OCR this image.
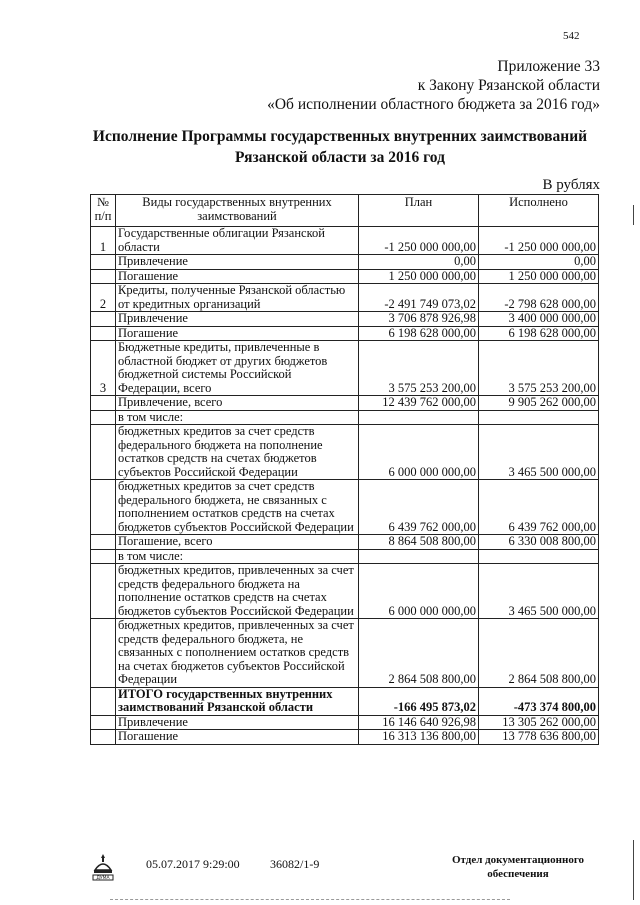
542
Приложение 33
к Закону Рязанской области
«Об исполнении областного бюджета за 2016 год»
Исполнение Программы государственных внутренних заимствований
Рязанской области за 2016 год
В рублях
№ п/п	Виды государственных внутренних заимствований	План	Исполнено
1	Государственные облигации Рязанской области	-1 250 000 000,00	-1 250 000 000,00
	Привлечение	0,00	0,00
	Погашение	1 250 000 000,00	1 250 000 000,00
2	Кредиты, полученные Рязанской областью от кредитных организаций	-2 491 749 073,02	-2 798 628 000,00
	Привлечение	3 706 878 926,98	3 400 000 000,00
	Погашение	6 198 628 000,00	6 198 628 000,00
3	Бюджетные кредиты, привлеченные в областной бюджет от других бюджетов бюджетной системы Российской Федерации, всего	3 575 253 200,00	3 575 253 200,00
	Привлечение, всего	12 439 762 000,00	9 905 262 000,00
	в том числе:		
	бюджетных кредитов за счет средств федерального бюджета на пополнение остатков средств на счетах бюджетов субъектов Российской Федерации	6 000 000 000,00	3 465 500 000,00
	бюджетных кредитов за счет средств федерального бюджета, не связанных с пополнением остатков средств на счетах бюджетов субъектов Российской Федерации	6 439 762 000,00	6 439 762 000,00
	Погашение, всего	8 864 508 800,00	6 330 008 800,00
	в том числе:		
	бюджетных кредитов, привлеченных за счет средств федерального бюджета на пополнение остатков средств на счетах бюджетов субъектов Российской Федерации	6 000 000 000,00	3 465 500 000,00
	бюджетных кредитов, привлеченных за счет средств федерального бюджета, не связанных с пополнением остатков средств на счетах бюджетов субъектов Российской Федерации	2 864 508 800,00	2 864 508 800,00
	ИТОГО государственных внутренних заимствований Рязанской области	-166 495 873,02	-473 374 800,00
	Привлечение	16 146 640 926,98	13 305 262 000,00
	Погашение	16 313 136 800,00	13 778 636 800,00
ДУМА
05.07.2017 9:29:00	36082/1-9	Отдел документационного
обеспечения
